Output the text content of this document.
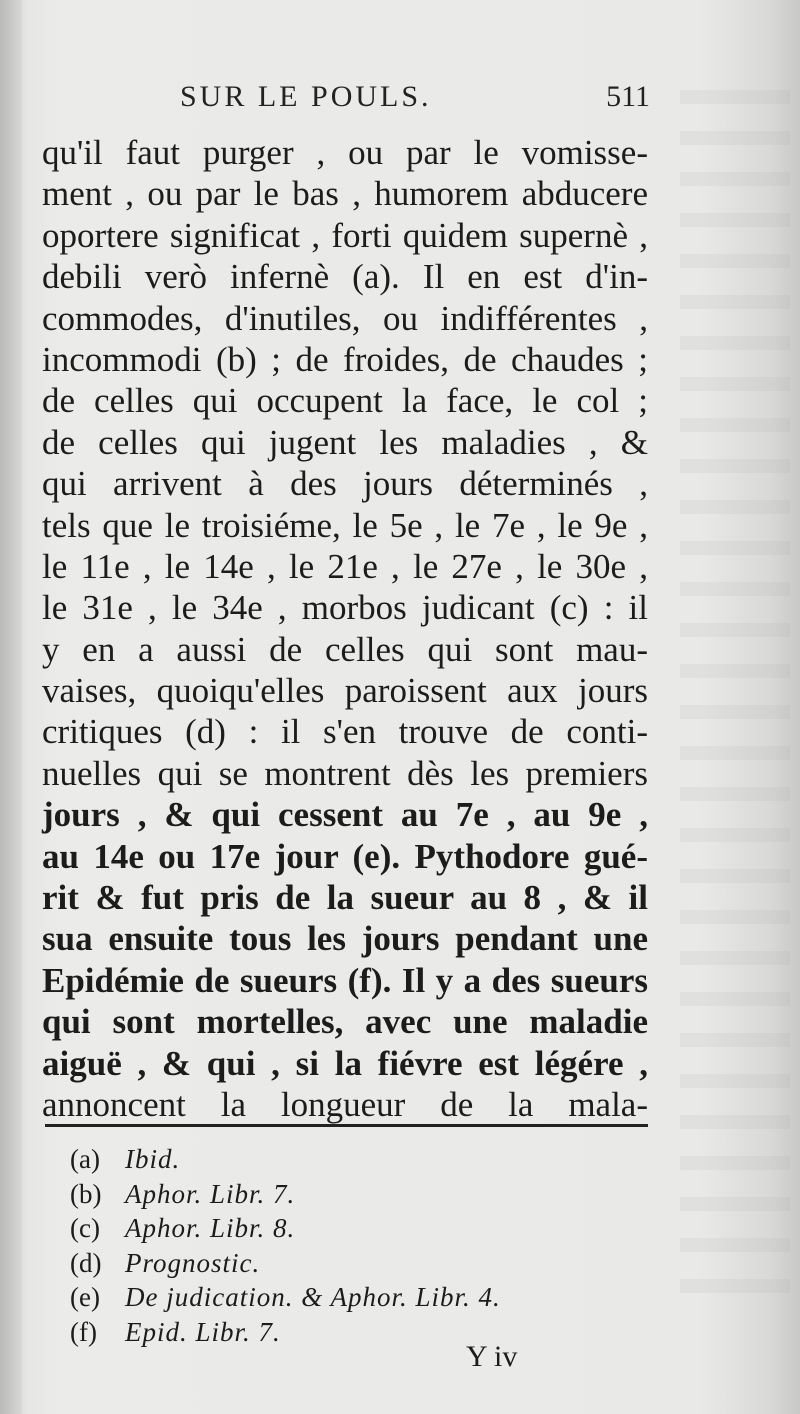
SUR LE POULS.	511
qu'il faut purger , ou par le vomisse-
ment , ou par le bas , humorem abducere
oportere significat , forti quidem supernè ,
debili verò infernè (a). Il en est d'in-
commodes, d'inutiles, ou indifférentes ,
incommodi (b) ; de froides, de chaudes ;
de celles qui occupent la face, le col ;
de celles qui jugent les maladies , &
qui arrivent à des jours déterminés ,
tels que le troisiéme, le 5e , le 7e , le 9e ,
le 11e , le 14e , le 21e , le 27e , le 30e ,
le 31e , le 34e , morbos judicant (c) : il
y en a aussi de celles qui sont mau-
vaises, quoiqu'elles paroissent aux jours
critiques (d) : il s'en trouve de conti-
nuelles qui se montrent dès les premiers
jours , & qui cessent au 7e , au 9e ,
au 14e ou 17e jour (e). Pythodore gué-
rit & fut pris de la sueur au 8 , & il
sua ensuite tous les jours pendant une
Epidémie de sueurs (f). Il y a des sueurs
qui sont mortelles, avec une maladie
aiguë , & qui , si la fiévre est légére ,
annoncent la longueur de la mala-
(a) Ibid.
(b) Aphor. Libr. 7.
(c) Aphor. Libr. 8.
(d) Prognostic.
(e) De judication. & Aphor. Libr. 4.
(f) Epid. Libr. 7.
Y iv
